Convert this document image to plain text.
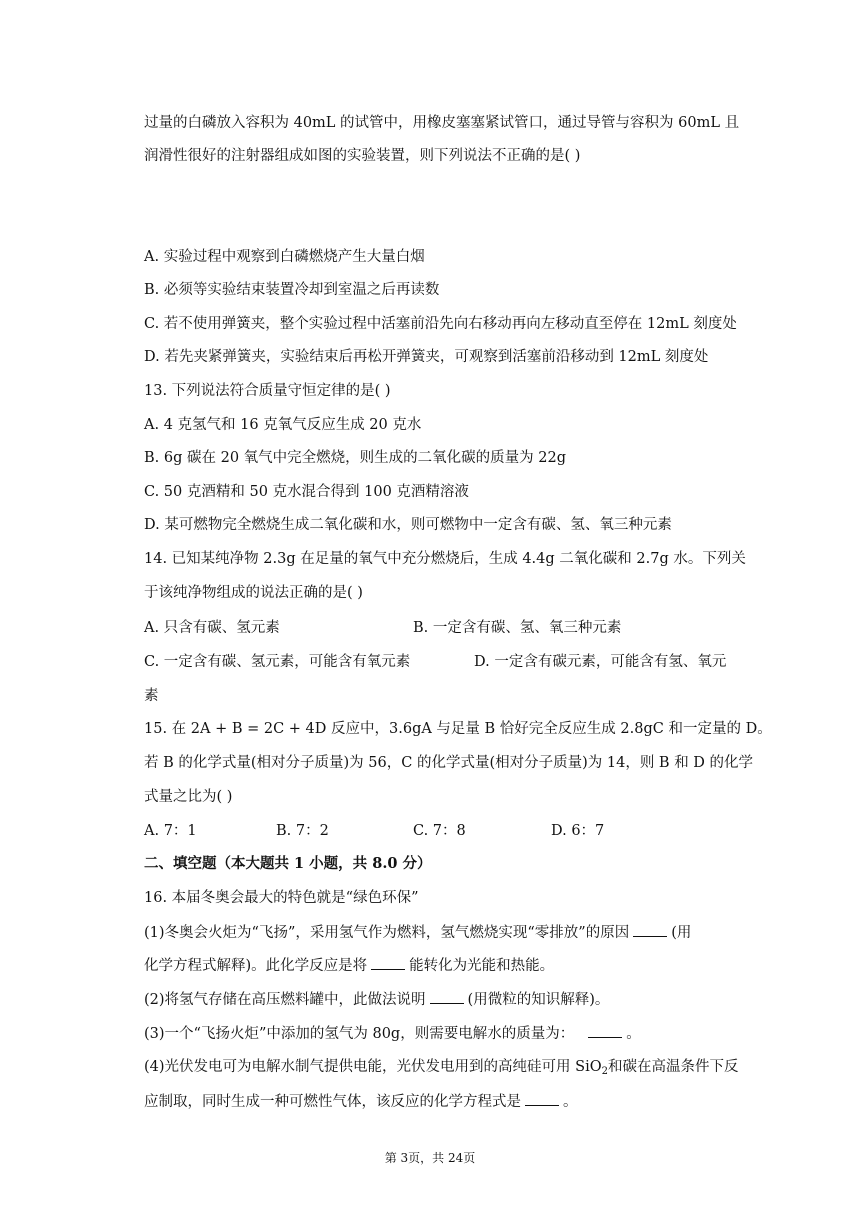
过量的白磷放入容积为 40mL 的试管中，用橡皮塞塞紧试管口，通过导管与容积为 60mL 且
润滑性很好的注射器组成如图的实验装置，则下列说法不正确的是( )
A. 实验过程中观察到白磷燃烧产生大量白烟
B. 必须等实验结束装置冷却到室温之后再读数
C. 若不使用弹簧夹，整个实验过程中活塞前沿先向右移动再向左移动直至停在 12mL 刻度处
D. 若先夹紧弹簧夹，实验结束后再松开弹簧夹，可观察到活塞前沿移动到 12mL 刻度处
13. 下列说法符合质量守恒定律的是( )
A. 4 克氢气和 16 克氧气反应生成 20 克水
B. 6g 碳在 20 氧气中完全燃烧，则生成的二氧化碳的质量为 22g
C. 50 克酒精和 50 克水混合得到 100 克酒精溶液
D. 某可燃物完全燃烧生成二氧化碳和水，则可燃物中一定含有碳、氢、氧三种元素
14. 已知某纯净物 2.3g 在足量的氧气中充分燃烧后，生成 4.4g 二氧化碳和 2.7g 水。下列关
于该纯净物组成的说法正确的是( )
A. 只含有碳、氢元素	B. 一定含有碳、氢、氧三种元素
C. 一定含有碳、氢元素，可能含有氧元素	D. 一定含有碳元素，可能含有氢、氧元
素
15. 在 2A + B = 2C + 4D 反应中，3.6gA 与足量 B 恰好完全反应生成 2.8gC 和一定量的 D。
若 B 的化学式量(相对分子质量)为 56，C 的化学式量(相对分子质量)为 14，则 B 和 D 的化学
式量之比为( )
A. 7：1	B. 7：2	C. 7：8	D. 6：7
二、填空题（本大题共 1 小题，共 8.0 分）
16. 本届冬奥会最大的特色就是“绿色环保”
(1)冬奥会火炬为“飞扬”，采用氢气作为燃料，氢气燃烧实现“零排放”的原因	(用
化学方程式解释)。此化学反应是将	能转化为光能和热能。
(2)将氢气存储在高压燃料罐中，此做法说明	(用微粒的知识解释)。
(3)一个“飞扬火炬”中添加的氢气为 80g，则需要电解水的质量为：	。
(4)光伏发电可为电解水制气提供电能，光伏发电用到的高纯硅可用 SiO$_2$和碳在高温条件下反
应制取，同时生成一种可燃性气体，该反应的化学方程式是	。
第 3页，共 24页
